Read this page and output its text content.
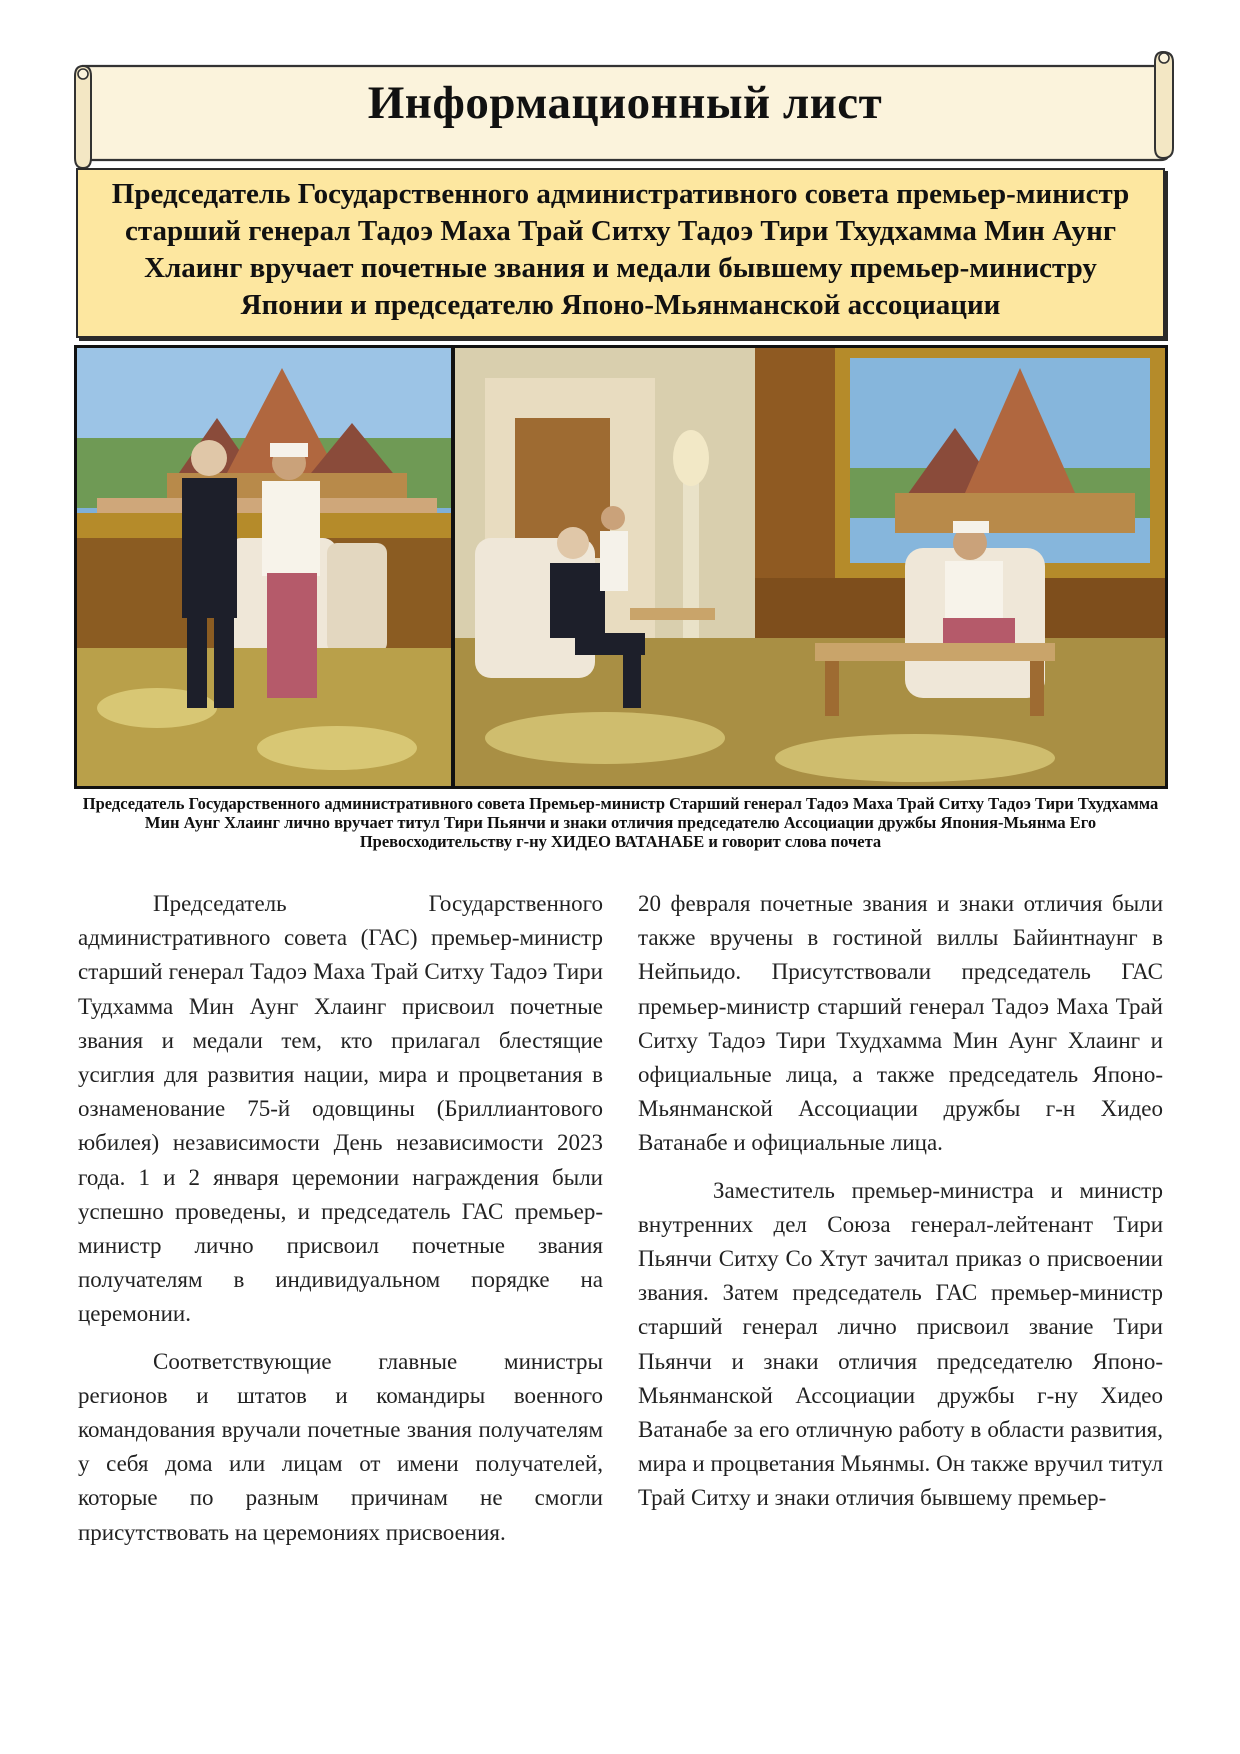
Информационный лист

Председатель Государственного административного совета премьер-министр старший генерал Тадоэ Маха Трай Ситху Тадоэ Тири Тхудхамма Мин Аунг Хлаинг вручает почетные звания и медали бывшему премьер-министру Японии и председателю Японо-Мьянманской ассоциации

Председатель Государственного административного совета Премьер-министр Старший генерал Тадоэ Маха Трай Ситху Тадоэ Тири Тхудхамма Мин Аунг Хлаинг лично вручает титул Тири Пьянчи и знаки отличия председателю Ассоциации дружбы Япония-Мьянма Его Превосходительству г-ну ХИДЕО ВАТАНАБЕ и говорит слова почета

Председатель Государственного административного совета (ГАС) премьер-министр старший генерал Тадоэ Маха Трай Ситху Тадоэ Тири Тудхамма Мин Аунг Хлаинг присвоил почетные звания и медали тем, кто прилагал блестящие усиглия для развития нации, мира и процветания в ознаменование 75-й одовщины (Бриллиантового юбилея) независимости День независимости 2023 года. 1 и 2 января церемонии награждения были успешно проведены, и председатель ГАС премьер-министр лично присвоил почетные звания получателям в индивидуальном порядке на церемонии.

Соответствующие главные министры регионов и штатов и командиры военного командования вручали почетные звания получателям у себя дома или лицам от имени получателей, которые по разным причинам не смогли присутствовать на церемониях присвоения.

20 февраля почетные звания и знаки отличия были также вручены в гостиной виллы Байинтнаунг в Нейпьидо. Присутствовали председатель ГАС премьер-министр старший генерал Тадоэ Маха Трай Ситху Тадоэ Тири Тхудхамма Мин Аунг Хлаинг и официальные лица, а также председатель Японо-Мьянманской Ассоциации дружбы г-н Хидео Ватанабе и официальные лица.

Заместитель премьер-министра и министр внутренних дел Союза генерал-лейтенант Тири Пьянчи Ситху Со Хтут зачитал приказ о присвоении звания. Затем председатель ГАС премьер-министр старший генерал лично присвоил звание Тири Пьянчи и знаки отличия председателю Японо-Мьянманской Ассоциации дружбы г-ну Хидео Ватанабе за его отличную работу в области развития, мира и процветания Мьянмы. Он также вручил титул Трай Ситху и знаки отличия бывшему премьер-
